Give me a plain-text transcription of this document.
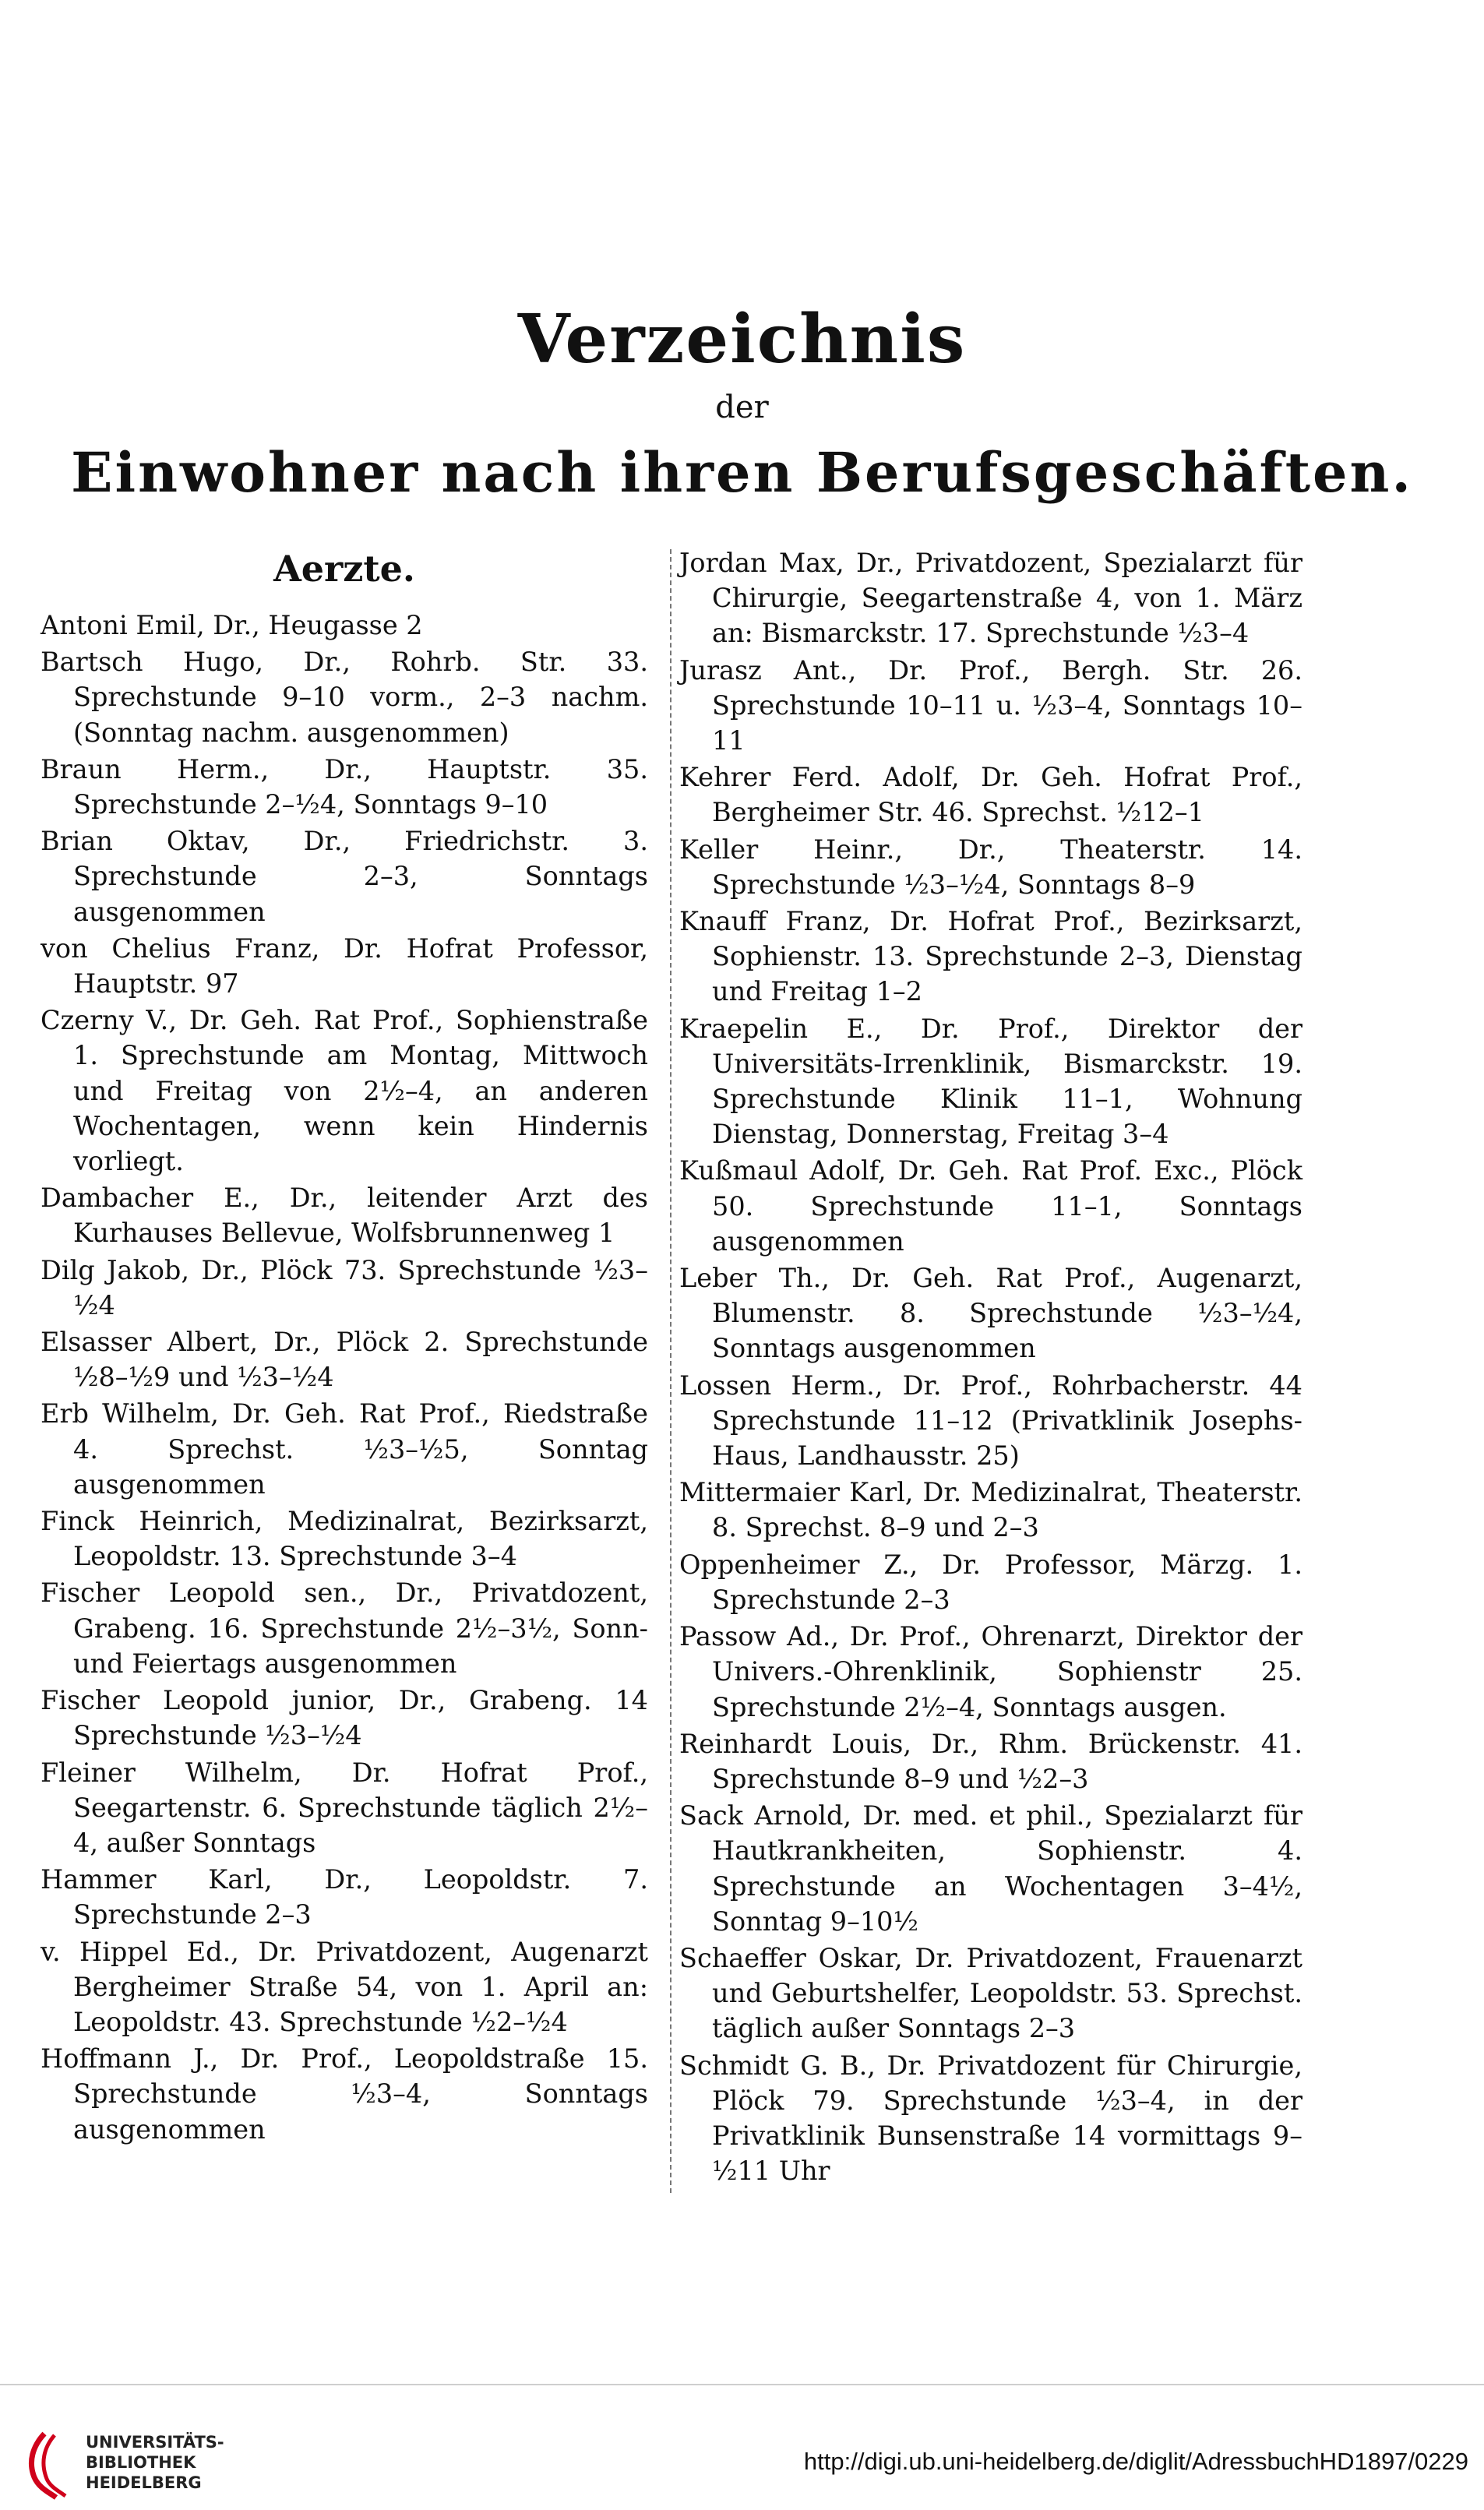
Verzeichnis
der
Einwohner nach ihren Berufsgeschäften.
Aerzte.
Antoni Emil, Dr., Heugasse 2
Bartsch Hugo, Dr., Rohrb. Str. 33. Sprechstunde 9–10 vorm., 2–3 nachm. (Sonntag nachm. ausgenommen)
Braun Herm., Dr., Hauptstr. 35. Sprechstunde 2–½4, Sonntags 9–10
Brian Oktav, Dr., Friedrichstr. 3. Sprechstunde 2–3, Sonntags ausgenommen
von Chelius Franz, Dr. Hofrat Professor, Hauptstr. 97
Czerny V., Dr. Geh. Rat Prof., Sophienstraße 1. Sprechstunde am Montag, Mittwoch und Freitag von 2½–4, an anderen Wochentagen, wenn kein Hindernis vorliegt.
Dambacher E., Dr., leitender Arzt des Kurhauses Bellevue, Wolfsbrunnenweg 1
Dilg Jakob, Dr., Plöck 73. Sprechstunde ½3–½4
Elsasser Albert, Dr., Plöck 2. Sprechstunde ½8–½9 und ½3–½4
Erb Wilhelm, Dr. Geh. Rat Prof., Riedstraße 4. Sprechst. ½3–½5, Sonntag ausgenommen
Finck Heinrich, Medizinalrat, Bezirksarzt, Leopoldstr. 13. Sprechstunde 3–4
Fischer Leopold sen., Dr., Privatdozent, Grabeng. 16. Sprechstunde 2½–3½, Sonn- und Feiertags ausgenommen
Fischer Leopold junior, Dr., Grabeng. 14 Sprechstunde ½3–½4
Fleiner Wilhelm, Dr. Hofrat Prof., Seegartenstr. 6. Sprechstunde täglich 2½–4, außer Sonntags
Hammer Karl, Dr., Leopoldstr. 7. Sprechstunde 2–3
v. Hippel Ed., Dr. Privatdozent, Augenarzt Bergheimer Straße 54, von 1. April an: Leopoldstr. 43. Sprechstunde ½2–½4
Hoffmann J., Dr. Prof., Leopoldstraße 15. Sprechstunde ½3–4, Sonntags ausgenommen
Jordan Max, Dr., Privatdozent, Spezialarzt für Chirurgie, Seegartenstraße 4, von 1. März an: Bismarckstr. 17. Sprechstunde ½3–4
Jurasz Ant., Dr. Prof., Bergh. Str. 26. Sprechstunde 10–11 u. ½3–4, Sonntags 10–11
Kehrer Ferd. Adolf, Dr. Geh. Hofrat Prof., Bergheimer Str. 46. Sprechst. ½12–1
Keller Heinr., Dr., Theaterstr. 14. Sprechstunde ½3–½4, Sonntags 8–9
Knauff Franz, Dr. Hofrat Prof., Bezirksarzt, Sophienstr. 13. Sprechstunde 2–3, Dienstag und Freitag 1–2
Kraepelin E., Dr. Prof., Direktor der Universitäts-Irrenklinik, Bismarckstr. 19. Sprechstunde Klinik 11–1, Wohnung Dienstag, Donnerstag, Freitag 3–4
Kußmaul Adolf, Dr. Geh. Rat Prof. Exc., Plöck 50. Sprechstunde 11–1, Sonntags ausgenommen
Leber Th., Dr. Geh. Rat Prof., Augenarzt, Blumenstr. 8. Sprechstunde ½3–½4, Sonntags ausgenommen
Lossen Herm., Dr. Prof., Rohrbacherstr. 44 Sprechstunde 11–12 (Privatklinik Josephs-Haus, Landhausstr. 25)
Mittermaier Karl, Dr. Medizinalrat, Theaterstr. 8. Sprechst. 8–9 und 2–3
Oppenheimer Z., Dr. Professor, Märzg. 1. Sprechstunde 2–3
Passow Ad., Dr. Prof., Ohrenarzt, Direktor der Univers.-Ohrenklinik, Sophienstr 25. Sprechstunde 2½–4, Sonntags ausgen.
Reinhardt Louis, Dr., Rhm. Brückenstr. 41. Sprechstunde 8–9 und ½2–3
Sack Arnold, Dr. med. et phil., Spezialarzt für Hautkrankheiten, Sophienstr. 4. Sprechstunde an Wochentagen 3–4½, Sonntag 9–10½
Schaeffer Oskar, Dr. Privatdozent, Frauenarzt und Geburtshelfer, Leopoldstr. 53. Sprechst. täglich außer Sonntags 2–3
Schmidt G. B., Dr. Privatdozent für Chirurgie, Plöck 79. Sprechstunde ½3–4, in der Privatklinik Bunsenstraße 14 vormittags 9–½11 Uhr
UNIVERSITÄTS-
BIBLIOTHEK
HEIDELBERG
http://digi.ub.uni-heidelberg.de/diglit/AdressbuchHD1897/0229
